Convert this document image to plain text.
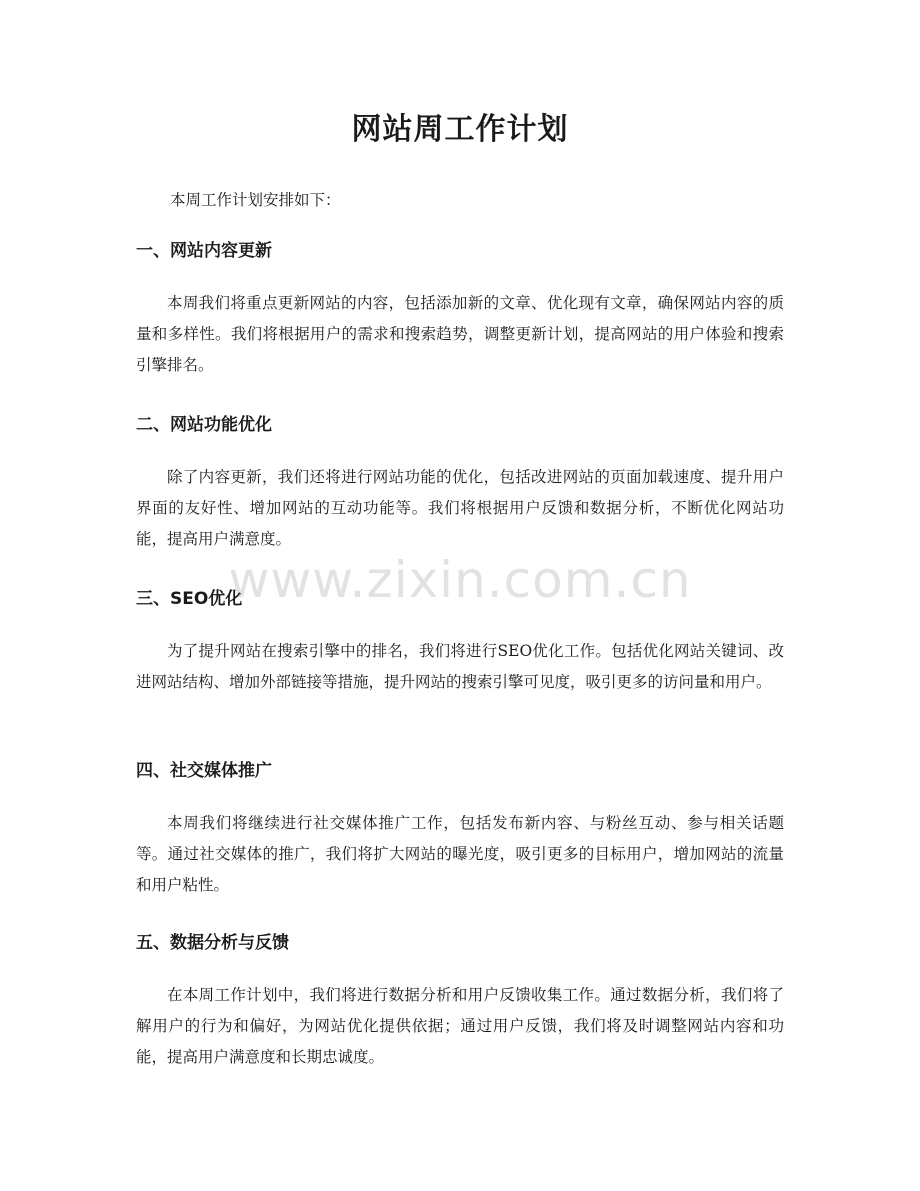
网站周工作计划

本周工作计划安排如下：

一、网站内容更新

本周我们将重点更新网站的内容，包括添加新的文章、优化现有文章，确保网站内容的质量和多样性。我们将根据用户的需求和搜索趋势，调整更新计划，提高网站的用户体验和搜索引擎排名。

二、网站功能优化

除了内容更新，我们还将进行网站功能的优化，包括改进网站的页面加载速度、提升用户界面的友好性、增加网站的互动功能等。我们将根据用户反馈和数据分析，不断优化网站功能，提高用户满意度。

三、SEO优化

为了提升网站在搜索引擎中的排名，我们将进行SEO优化工作。包括优化网站关键词、改进网站结构、增加外部链接等措施，提升网站的搜索引擎可见度，吸引更多的访问量和用户。

四、社交媒体推广

本周我们将继续进行社交媒体推广工作，包括发布新内容、与粉丝互动、参与相关话题等。通过社交媒体的推广，我们将扩大网站的曝光度，吸引更多的目标用户，增加网站的流量和用户粘性。

五、数据分析与反馈

在本周工作计划中，我们将进行数据分析和用户反馈收集工作。通过数据分析，我们将了解用户的行为和偏好，为网站优化提供依据；通过用户反馈，我们将及时调整网站内容和功能，提高用户满意度和长期忠诚度。

www.zixin.com.cn
